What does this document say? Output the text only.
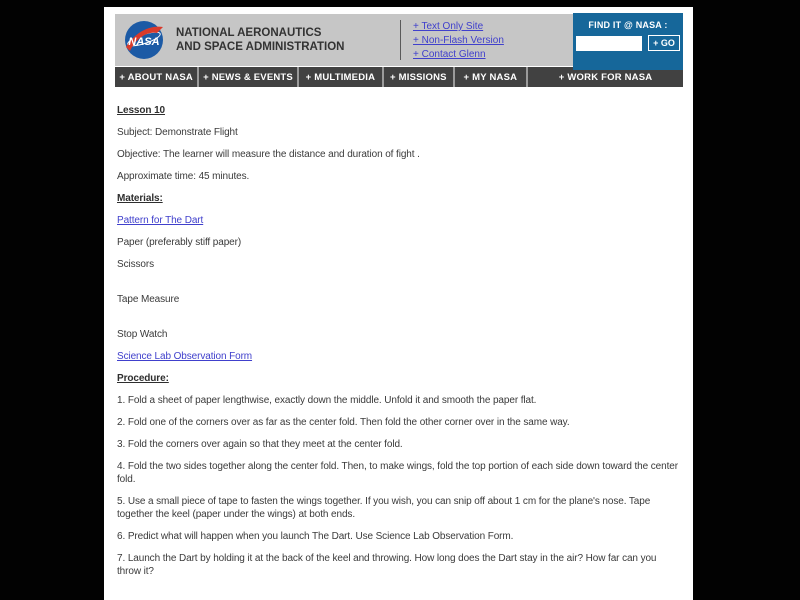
NASA
NATIONAL AERONAUTICS
AND SPACE ADMINISTRATION
+ Text Only Site
+ Non-Flash Version
+ Contact Glenn
FIND IT @ NASA :
+ GO
+ ABOUT NASA	+ NEWS & EVENTS	+ MULTIMEDIA	+ MISSIONS	+ MY NASA	+ WORK FOR NASA

Lesson 10

Subject: Demonstrate Flight

Objective: The learner will measure the distance and duration of fight .

Approximate time: 45 minutes.

Materials:

Pattern for The Dart

Paper (preferably stiff paper)

Scissors

Tape Measure

Stop Watch

Science Lab Observation Form

Procedure:

1. Fold a sheet of paper lengthwise, exactly down the middle. Unfold it and smooth the paper flat.

2. Fold one of the corners over as far as the center fold. Then fold the other corner over in the same way.

3. Fold the corners over again so that they meet at the center fold.

4. Fold the two sides together along the center fold. Then, to make wings, fold the top portion of each side down toward the center fold.

5. Use a small piece of tape to fasten the wings together. If you wish, you can snip off about 1 cm for the plane's nose. Tape together the keel (paper under the wings) at both ends.

6. Predict what will happen when you launch The Dart. Use Science Lab Observation Form.

7. Launch the Dart by holding it at the back of the keel and throwing. How long does the Dart stay in the air? How far can you throw it?
